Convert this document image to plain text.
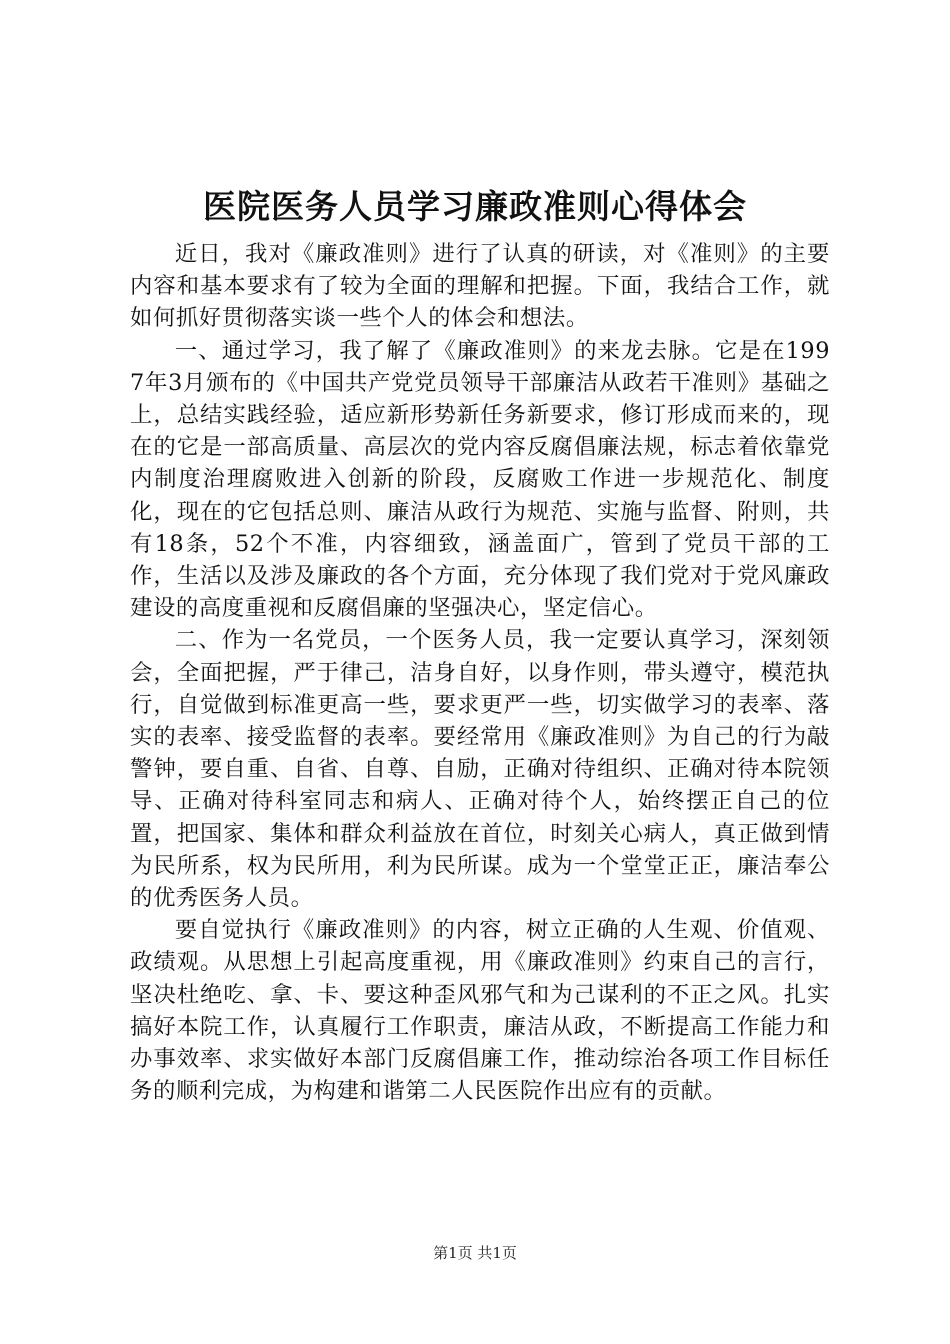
医院医务人员学习廉政准则心得体会

近日，我对《廉政准则》进行了认真的研读，对《准则》的主要内容和基本要求有了较为全面的理解和把握。下面，我结合工作，就如何抓好贯彻落实谈一些个人的体会和想法。

一、通过学习，我了解了《廉政准则》的来龙去脉。它是在1997年3月颁布的《中国共产党党员领导干部廉洁从政若干准则》基础之上，总结实践经验，适应新形势新任务新要求，修订形成而来的，现在的它是一部高质量、高层次的党内容反腐倡廉法规，标志着依靠党内制度治理腐败进入创新的阶段，反腐败工作进一步规范化、制度化，现在的它包括总则、廉洁从政行为规范、实施与监督、附则，共有18条，52个不准，内容细致，涵盖面广，管到了党员干部的工作，生活以及涉及廉政的各个方面，充分体现了我们党对于党风廉政建设的高度重视和反腐倡廉的坚强决心，坚定信心。

二、作为一名党员，一个医务人员，我一定要认真学习，深刻领会，全面把握，严于律己，洁身自好，以身作则，带头遵守，模范执行，自觉做到标准更高一些，要求更严一些，切实做学习的表率、落实的表率、接受监督的表率。要经常用《廉政准则》为自己的行为敲警钟，要自重、自省、自尊、自励，正确对待组织、正确对待本院领导、正确对待科室同志和病人、正确对待个人，始终摆正自己的位置，把国家、集体和群众利益放在首位，时刻关心病人，真正做到情为民所系，权为民所用，利为民所谋。成为一个堂堂正正，廉洁奉公的优秀医务人员。

要自觉执行《廉政准则》的内容，树立正确的人生观、价值观、政绩观。从思想上引起高度重视，用《廉政准则》约束自己的言行，坚决杜绝吃、拿、卡、要这种歪风邪气和为己谋利的不正之风。扎实搞好本院工作，认真履行工作职责，廉洁从政，不断提高工作能力和办事效率、求实做好本部门反腐倡廉工作，推动综治各项工作目标任务的顺利完成，为构建和谐第二人民医院作出应有的贡献。

第1页 共1页
